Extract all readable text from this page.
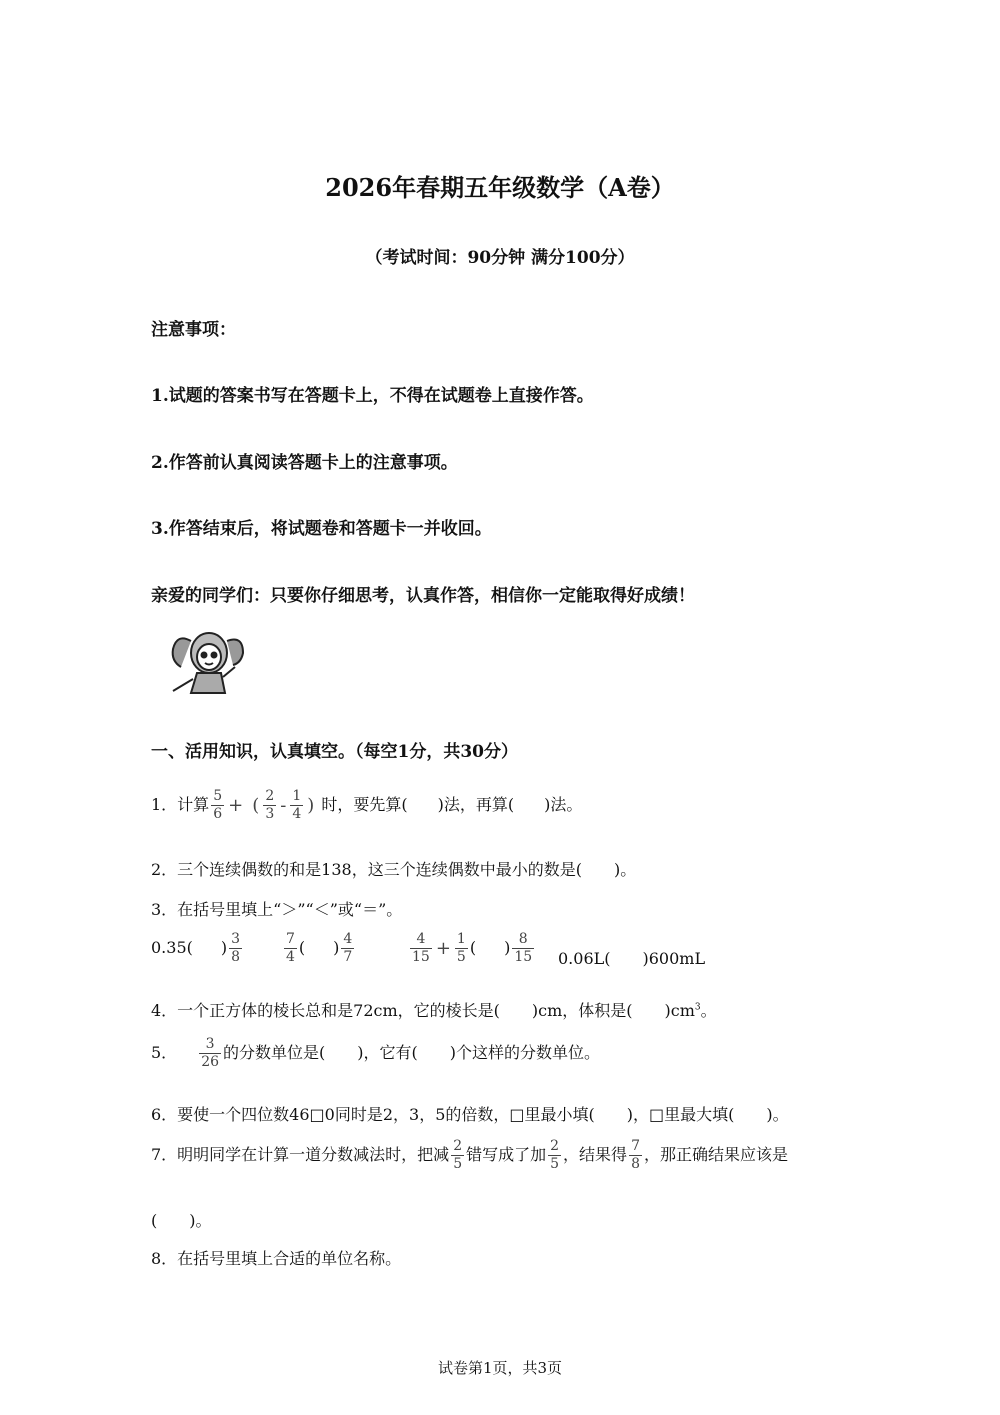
2026年春期五年级数学（A卷）
（考试时间：90分钟 满分100分）
注意事项：
1.试题的答案书写在答题卡上，不得在试题卷上直接作答。
2.作答前认真阅读答题卡上的注意事项。
3.作答结束后，将试题卷和答题卡一并收回。
亲爱的同学们：只要你仔细思考，认真作答，相信你一定能取得好成绩！
一、活用知识，认真填空。（每空1分，共30分）
1．计算 $\frac{5}{6}$ + ( $\frac{2}{3} - \frac{1}{4}$ ) 时，要先算( )法，再算( )法。
2．三个连续偶数的和是138，这三个连续偶数中最小的数是(　　)。
3．在括号里填上“＞”“＜”或“＝”。
0.35( ) $\frac{3}{8}$	$\frac{7}{4}$ ( ) $\frac{4}{7}$	$\frac{4}{15} + \frac{1}{5}$ ( ) $\frac{8}{15} 0.06L$(　　)600mL
4．一个正方体的棱长总和是72cm，它的棱长是(　　)cm，体积是(　　)$cm^3$。
5． $\frac{3}{26}$ 的分数单位是(　　)，它有(　　)个这样的分数单位。
6．要使一个四位数46□0同时是2，3，5的倍数，□里最小填(　　)，□里最大填(　　)。
7．明明同学在计算一道分数减法时，把减 $\frac{2}{5}$ 错写成了加 $\frac{2}{5}$ ，结果得 $\frac{7}{8}$ ，那正确结果应该是
(　　)。
8．在括号里填上合适的单位名称。
试卷第1页，共3页
